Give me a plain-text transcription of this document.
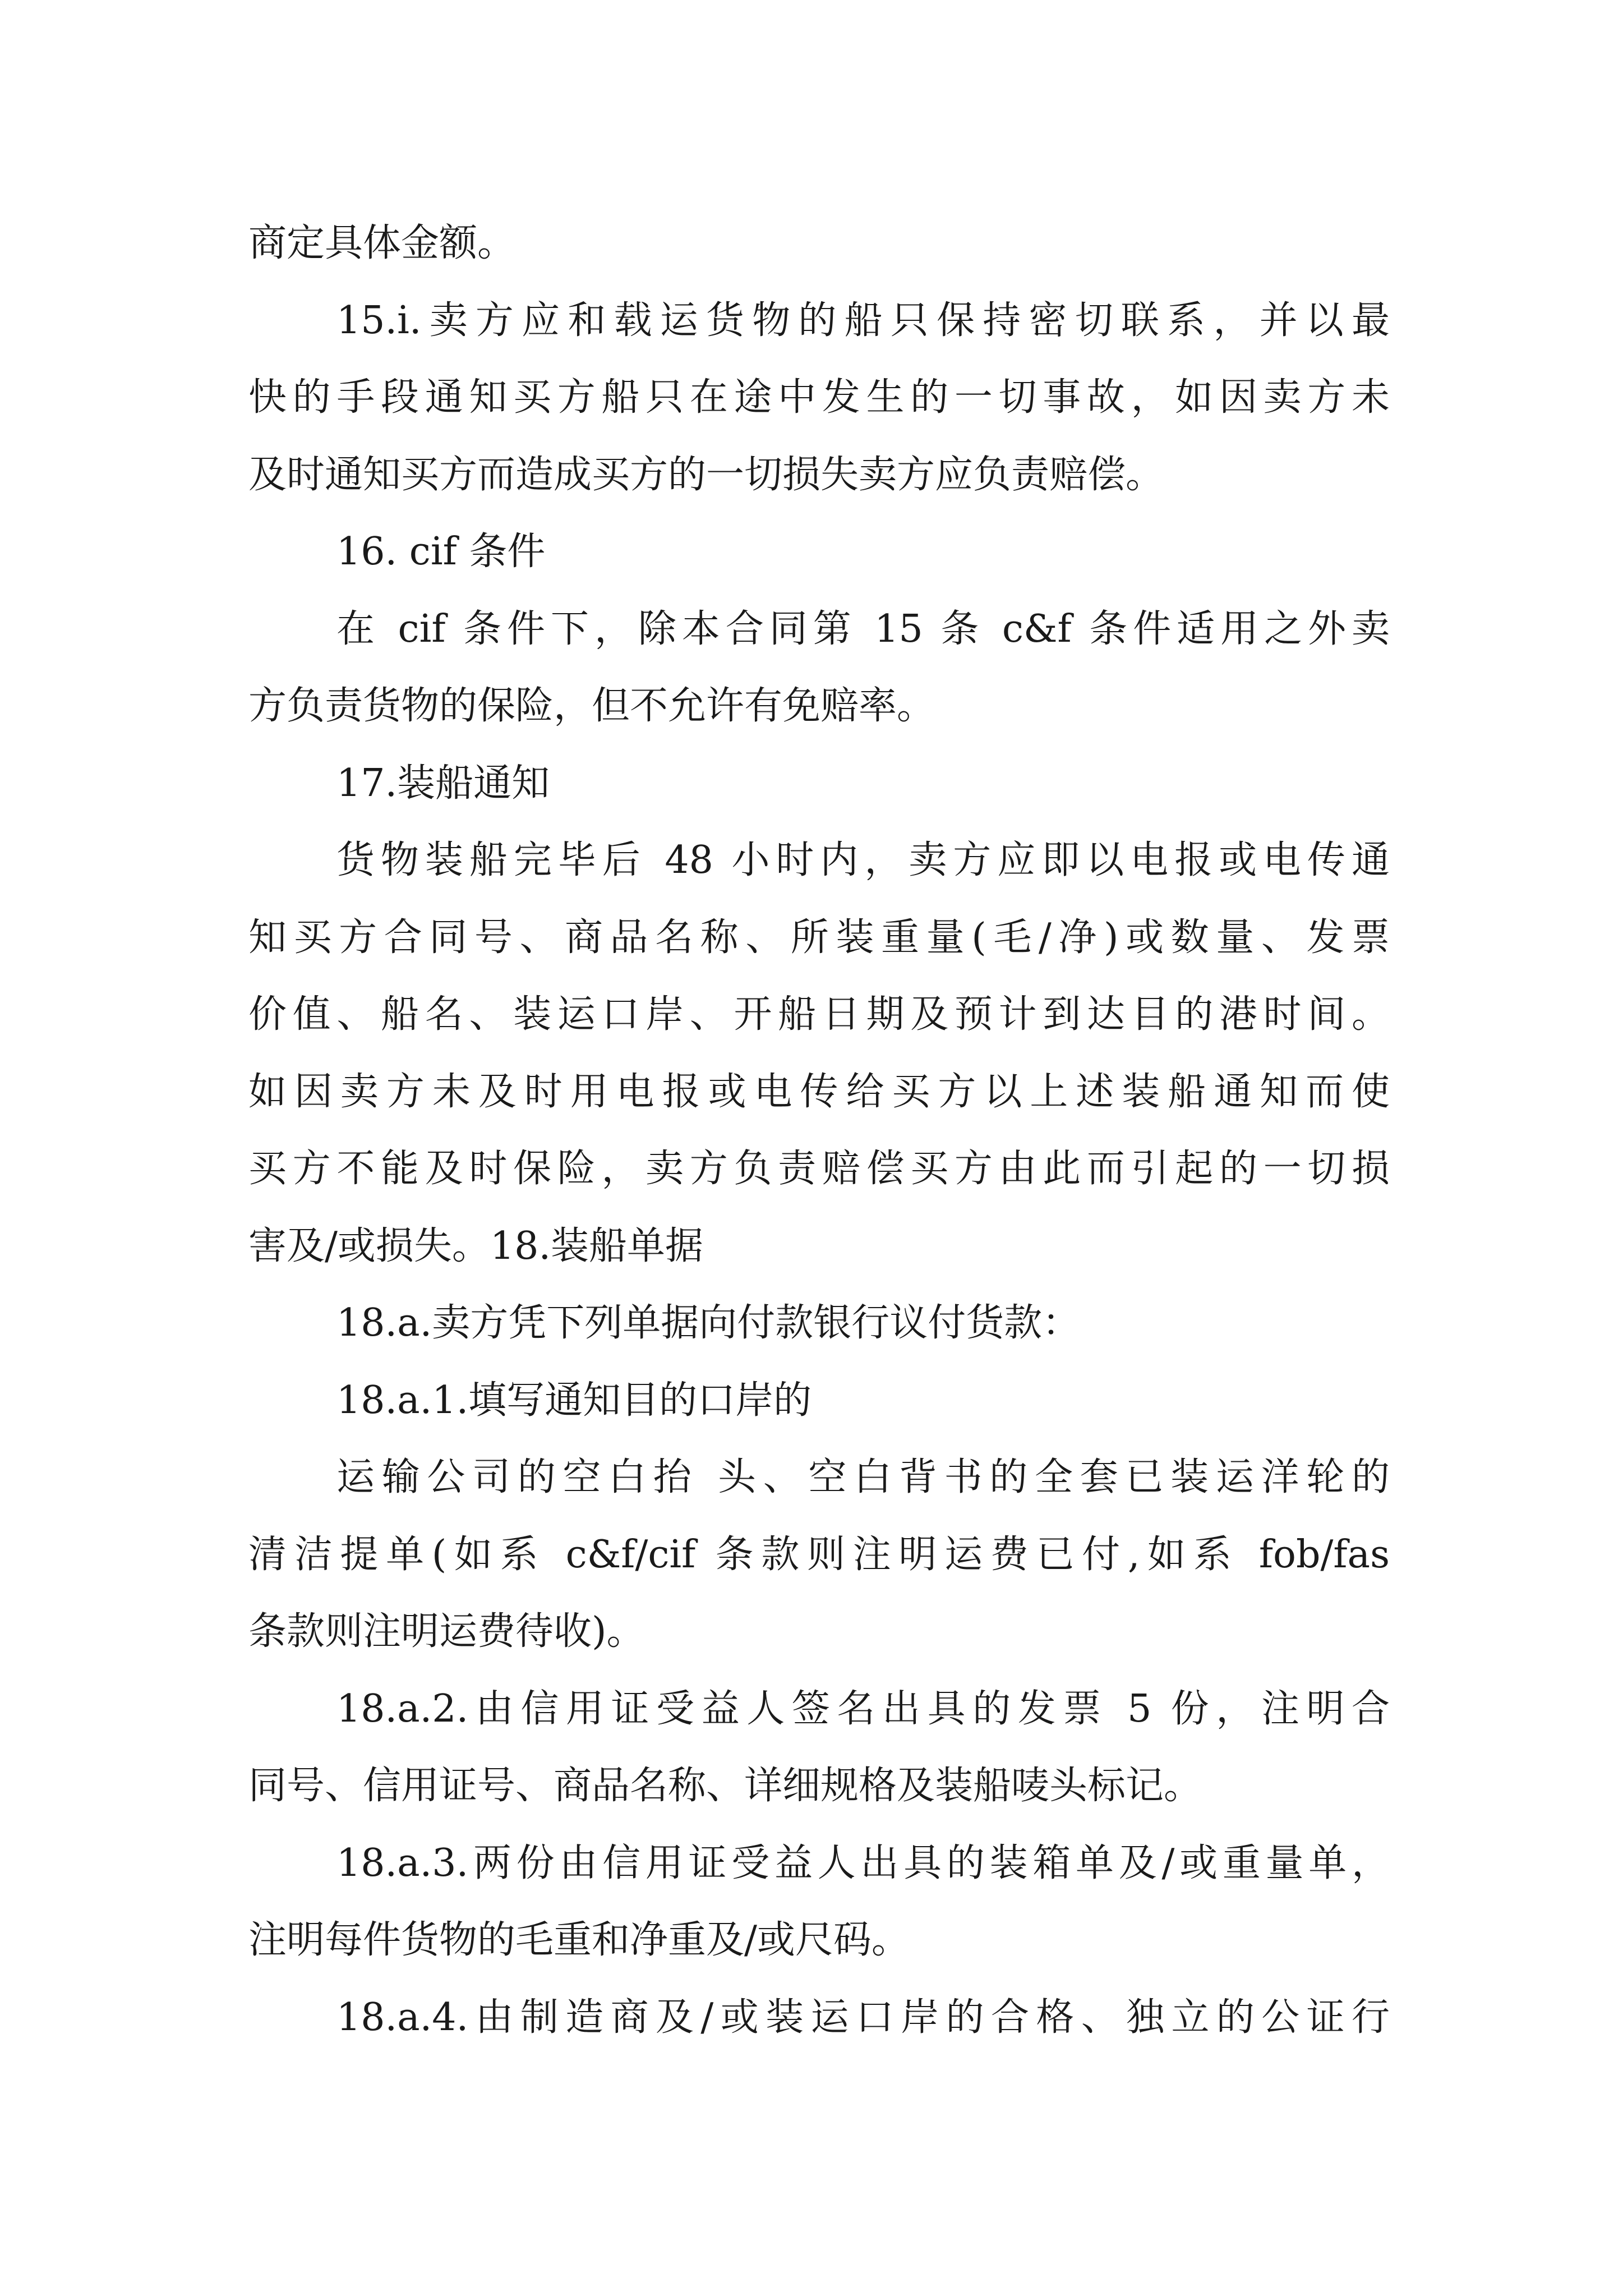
商定具体金额。
15.i.卖方应和载运货物的船只保持密切联系，并以最
快的手段通知买方船只在途中发生的一切事故，如因卖方未
及时通知买方而造成买方的一切损失卖方应负责赔偿。
16. cif 条件
在 cif 条件下，除本合同第 15 条 c&f 条件适用之外卖
方负责货物的保险，但不允许有免赔率。
17.装船通知
货物装船完毕后 48 小时内，卖方应即以电报或电传通
知买方合同号、商品名称、所装重量(毛/净)或数量、发票
价值、船名、装运口岸、开船日期及预计到达目的港时间。
如因卖方未及时用电报或电传给买方以上述装船通知而使
买方不能及时保险，卖方负责赔偿买方由此而引起的一切损
害及/或损失。18.装船单据
18.a.卖方凭下列单据向付款银行议付货款：
18.a.1.填写通知目的口岸的
运输公司的空白抬 头、空白背书的全套已装运洋轮的
清洁提单(如系 c&f/cif 条款则注明运费已付,如系 fob/fas
条款则注明运费待收)。
18.a.2.由信用证受益人签名出具的发票 5 份，注明合
同号、信用证号、商品名称、详细规格及装船唛头标记。
18.a.3.两份由信用证受益人出具的装箱单及/或重量单，
注明每件货物的毛重和净重及/或尺码。
18.a.4.由制造商及/或装运口岸的合格、独立的公证行
